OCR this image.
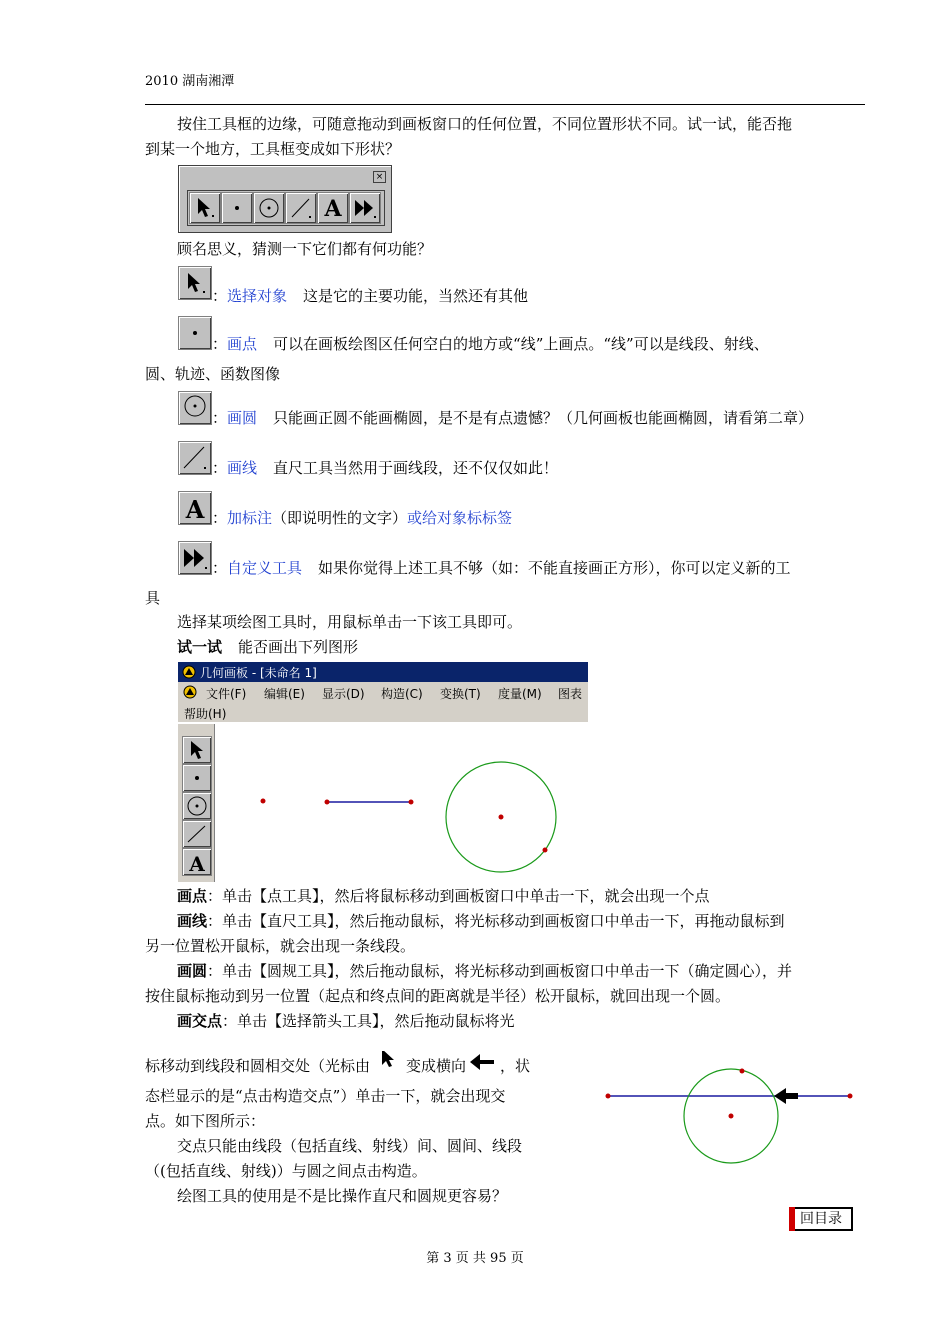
2010 湖南湘潭
按住工具框的边缘，可随意拖动到画板窗口的任何位置，不同位置形状不同。试一试，能否拖
到某一个地方，工具框变成如下形状？
×
A
顾名思义，猜测一下它们都有何功能？
：选择对象 这是它的主要功能，当然还有其他
：画点 可以在画板绘图区任何空白的地方或“线”上画点。“线”可以是线段、射线、
圆、轨迹、函数图像
：画圆 只能画正圆不能画椭圆，是不是有点遗憾？（几何画板也能画椭圆，请看第二章）
：画线 直尺工具当然用于画线段，还不仅仅如此！
A ：加标注（即说明性的文字）或给对象标标签
：自定义工具 如果你觉得上述工具不够（如：不能直接画正方形），你可以定义新的工
具
选择某项绘图工具时，用鼠标单击一下该工具即可。
试一试 能否画出下列图形
几何画板 - [未命名 1]
文件(F) 编辑(E) 显示(D) 构造(C) 变换(T) 度量(M) 图表
帮助(H)
A
画点：单击【点工具】，然后将鼠标移动到画板窗口中单击一下，就会出现一个点
画线：单击【直尺工具】，然后拖动鼠标，将光标移动到画板窗口中单击一下，再拖动鼠标到
另一位置松开鼠标，就会出现一条线段。
画圆：单击【圆规工具】，然后拖动鼠标，将光标移动到画板窗口中单击一下（确定圆心），并
按住鼠标拖动到另一位置（起点和终点间的距离就是半径）松开鼠标，就回出现一个圆。
画交点：单击【选择箭头工具】，然后拖动鼠标将光
标移动到线段和圆相交处（光标由 变成横向 ，状
态栏显示的是“点击构造交点”）单击一下，就会出现交
点。如下图所示：
交点只能由线段（包括直线、射线）间、圆间、线段
（(包括直线、射线)）与圆之间点击构造。
绘图工具的使用是不是比操作直尺和圆规更容易？
回目录
第 3 页 共 95 页
